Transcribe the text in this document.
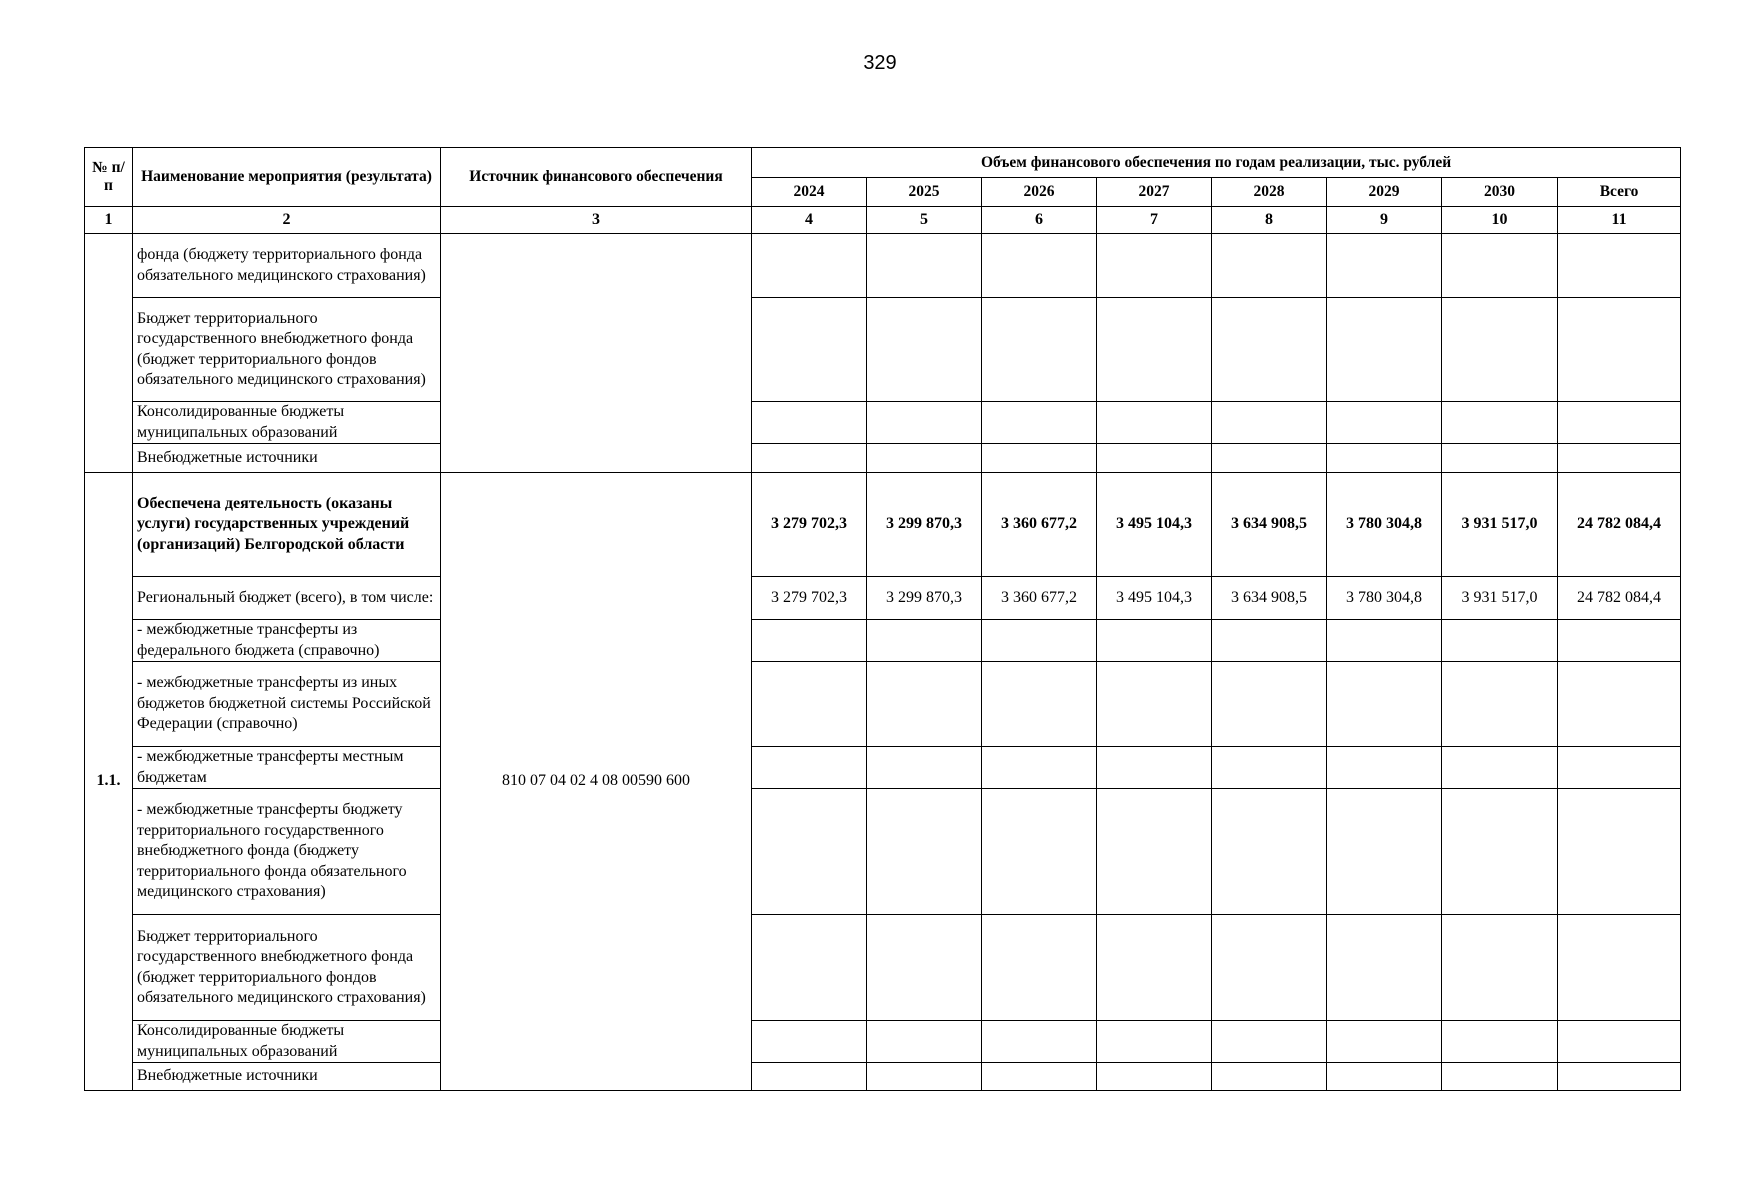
329
№ п/п	Наименование мероприятия (результата)	Источник финансового обеспечения	Объем финансового обеспечения по годам реализации, тыс. рублей							
			2024	2025	2026	2027	2028	2029	2030	Всего
1	2	3	4	5	6	7	8	9	10	11
	фонда (бюджету территориального фонда обязательного медицинского страхования)									
	Бюджет территориального государственного внебюджетного фонда (бюджет территориального фондов обязательного медицинского страхования)									
	Консолидированные бюджеты муниципальных образований									
	Внебюджетные источники									
1.1.	Обеспечена деятельность (оказаны услуги) государственных учреждений (организаций) Белгородской области	810 07 04 02 4 08 00590 600	3 279 702,3	3 299 870,3	3 360 677,2	3 495 104,3	3 634 908,5	3 780 304,8	3 931 517,0	24 782 084,4
	Региональный бюджет (всего), в том числе:		3 279 702,3	3 299 870,3	3 360 677,2	3 495 104,3	3 634 908,5	3 780 304,8	3 931 517,0	24 782 084,4
	- межбюджетные трансферты из федерального бюджета (справочно)									
	- межбюджетные трансферты из иных бюджетов бюджетной системы Российской Федерации (справочно)									
	- межбюджетные трансферты местным бюджетам									
	- межбюджетные трансферты бюджету территориального государственного внебюджетного фонда (бюджету территориального фонда обязательного медицинского страхования)									
	Бюджет территориального государственного внебюджетного фонда (бюджет территориального фондов обязательного медицинского страхования)									
	Консолидированные бюджеты муниципальных образований									
	Внебюджетные источники									
